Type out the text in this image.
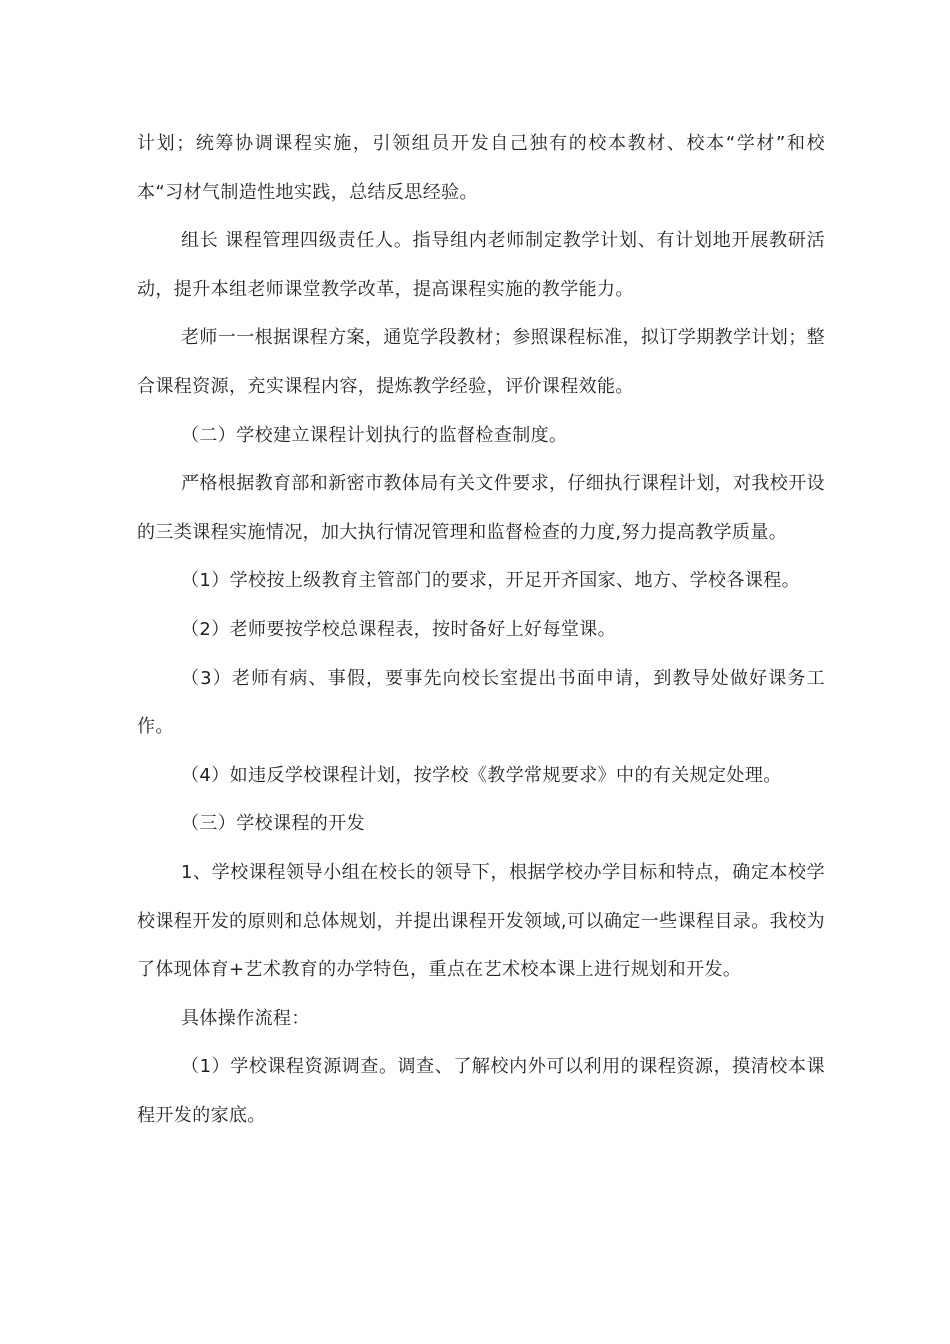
计划；统筹协调课程实施，引领组员开发自己独有的校本教材、校本“学材”和校本“习材气制造性地实践，总结反思经验。

组长 课程管理四级责任人。指导组内老师制定教学计划、有计划地开展教研活动，提升本组老师课堂教学改革，提高课程实施的教学能力。

老师一一根据课程方案，通览学段教材；参照课程标准，拟订学期教学计划；整合课程资源，充实课程内容，提炼教学经验，评价课程效能。

（二）学校建立课程计划执行的监督检查制度。

严格根据教育部和新密市教体局有关文件要求，仔细执行课程计划，对我校开设的三类课程实施情况，加大执行情况管理和监督检查的力度,努力提高教学质量。

（1）学校按上级教育主管部门的要求，开足开齐国家、地方、学校各课程。

（2）老师要按学校总课程表，按时备好上好每堂课。

（3）老师有病、事假，要事先向校长室提出书面申请，到教导处做好课务工作。

（4）如违反学校课程计划，按学校《教学常规要求》中的有关规定处理。

（三）学校课程的开发

1、学校课程领导小组在校长的领导下，根据学校办学目标和特点，确定本校学校课程开发的原则和总体规划，并提出课程开发领域,可以确定一些课程目录。我校为了体现体育+艺术教育的办学特色，重点在艺术校本课上进行规划和开发。

具体操作流程：

（1）学校课程资源调查。调查、了解校内外可以利用的课程资源，摸清校本课程开发的家底。
